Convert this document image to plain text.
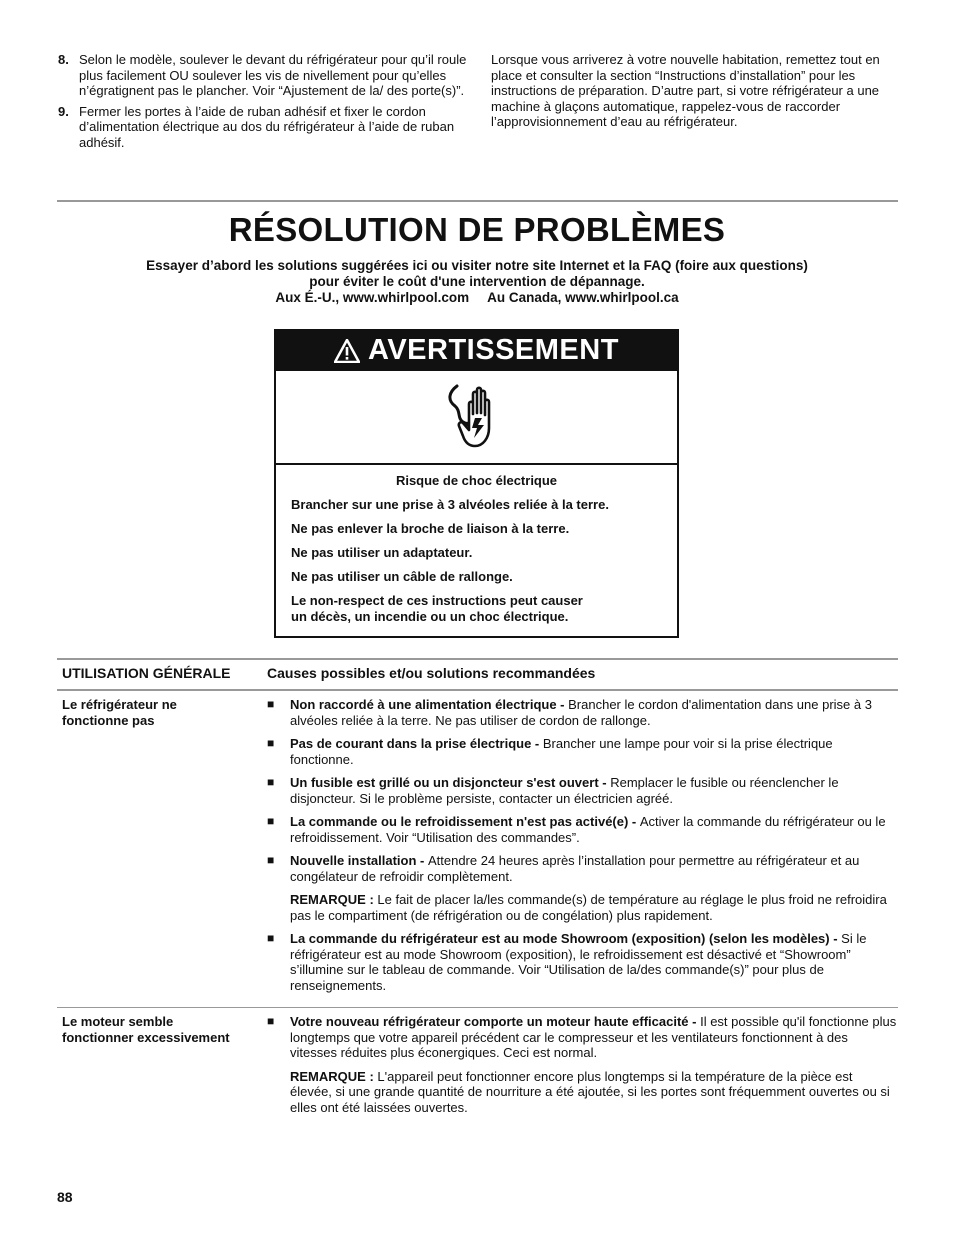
8. Selon le modèle, soulever le devant du réfrigérateur pour qu’il roule plus facilement OU soulever les vis de nivellement pour qu’elles n’égratignent pas le plancher. Voir “Ajustement de la/ des porte(s)”.
9. Fermer les portes à l’aide de ruban adhésif et fixer le cordon d’alimentation électrique au dos du réfrigérateur à l’aide de ruban adhésif.
Lorsque vous arriverez à votre nouvelle habitation, remettez tout en place et consulter la section “Instructions d’installation” pour les instructions de préparation. D’autre part, si votre réfrigérateur a une machine à glaçons automatique, rappelez-vous de raccorder l’approvisionnement d’eau au réfrigérateur.
RÉSOLUTION DE PROBLÈMES
Essayer d’abord les solutions suggérées ici ou visiter notre site Internet et la FAQ (foire aux questions)
pour éviter le coût d'une intervention de dépannage.
Aux É.-U., www.whirlpool.com Au Canada, www.whirlpool.ca
AVERTISSEMENT
Risque de choc électrique
Brancher sur une prise à 3 alvéoles reliée à la terre.
Ne pas enlever la broche de liaison à la terre.
Ne pas utiliser un adaptateur.
Ne pas utiliser un câble de rallonge.
Le non-respect de ces instructions peut causer
un décès, un incendie ou un choc électrique.
UTILISATION GÉNÉRALE	Causes possibles et/ou solutions recommandées
Le réfrigérateur ne
fonctionne pas
■ Non raccordé à une alimentation électrique - Brancher le cordon d'alimentation dans une prise à 3 alvéoles reliée à la terre. Ne pas utiliser de cordon de rallonge.
■ Pas de courant dans la prise électrique - Brancher une lampe pour voir si la prise électrique fonctionne.
■ Un fusible est grillé ou un disjoncteur s'est ouvert - Remplacer le fusible ou réenclencher le disjoncteur. Si le problème persiste, contacter un électricien agréé.
■ La commande ou le refroidissement n'est pas activé(e) - Activer la commande du réfrigérateur ou le refroidissement. Voir “Utilisation des commandes”.
■ Nouvelle installation - Attendre 24 heures après l’installation pour permettre au réfrigérateur et au congélateur de refroidir complètement.
REMARQUE : Le fait de placer la/les commande(s) de température au réglage le plus froid ne refroidira pas le compartiment (de réfrigération ou de congélation) plus rapidement.
■ La commande du réfrigérateur est au mode Showroom (exposition) (selon les modèles) - Si le réfrigérateur est au mode Showroom (exposition), le refroidissement est désactivé et “Showroom” s’illumine sur le tableau de commande. Voir “Utilisation de la/des commande(s)” pour plus de renseignements.
Le moteur semble
fonctionner excessivement
■ Votre nouveau réfrigérateur comporte un moteur haute efficacité - Il est possible qu'il fonctionne plus longtemps que votre appareil précédent car le compresseur et les ventilateurs fonctionnent à des vitesses réduites plus éconergiques. Ceci est normal.
REMARQUE : L'appareil peut fonctionner encore plus longtemps si la température de la pièce est élevée, si une grande quantité de nourriture a été ajoutée, si les portes sont fréquemment ouvertes ou si elles ont été laissées ouvertes.
88
